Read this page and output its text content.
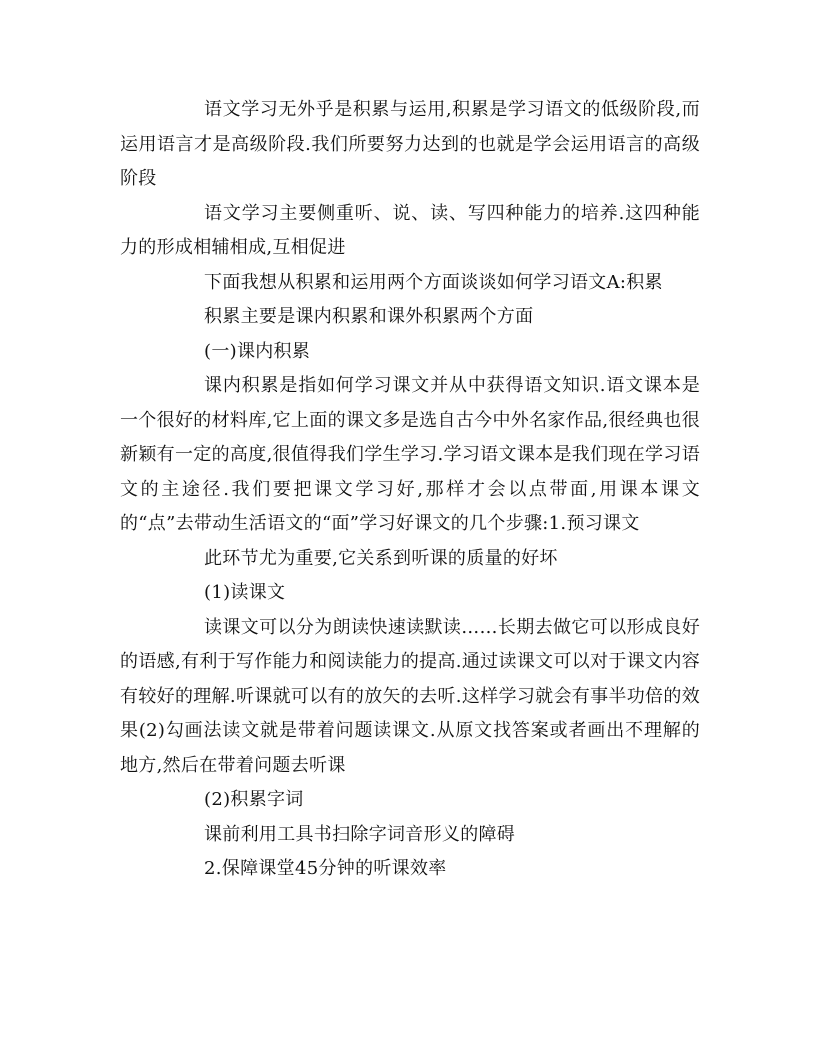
语文学习无外乎是积累与运用,积累是学习语文的低级阶段,而运用语言才是高级阶段.我们所要努力达到的也就是学会运用语言的高级阶段

语文学习主要侧重听、说、读、写四种能力的培养.这四种能力的形成相辅相成,互相促进

下面我想从积累和运用两个方面谈谈如何学习语文A:积累

积累主要是课内积累和课外积累两个方面

(一)课内积累

课内积累是指如何学习课文并从中获得语文知识.语文课本是一个很好的材料库,它上面的课文多是选自古今中外名家作品,很经典也很新颖有一定的高度,很值得我们学生学习.学习语文课本是我们现在学习语文的主途径.我们要把课文学习好,那样才会以点带面,用课本课文的“点”去带动生活语文的“面”学习好课文的几个步骤:1.预习课文

此环节尤为重要,它关系到听课的质量的好坏

(1)读课文

读课文可以分为朗读快速读默读……长期去做它可以形成良好的语感,有利于写作能力和阅读能力的提高.通过读课文可以对于课文内容有较好的理解.听课就可以有的放矢的去听.这样学习就会有事半功倍的效果(2)勾画法读文就是带着问题读课文.从原文找答案或者画出不理解的地方,然后在带着问题去听课

(2)积累字词

课前利用工具书扫除字词音形义的障碍

2.保障课堂45分钟的听课效率
